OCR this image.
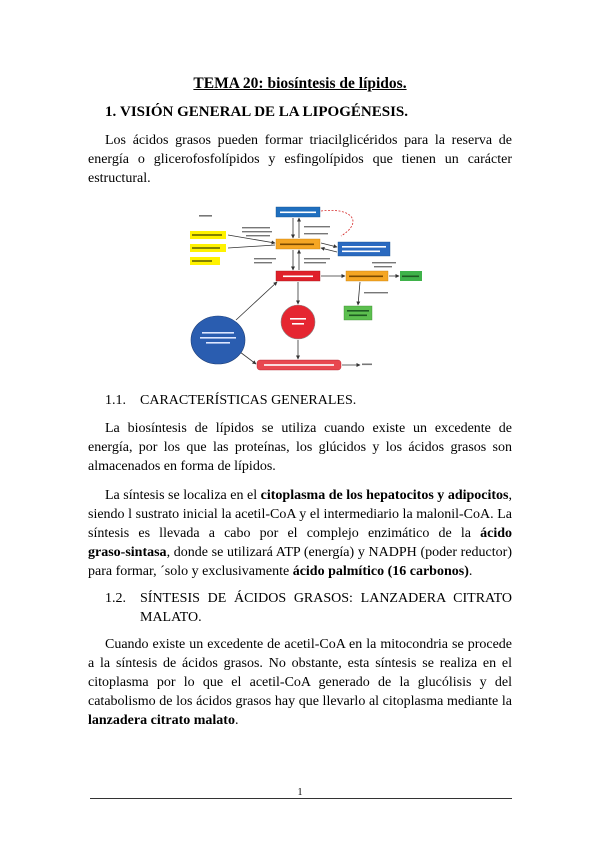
TEMA 20: biosíntesis de lípidos.
1. VISIÓN GENERAL DE LA LIPOGÉNESIS.
Los ácidos grasos pueden formar triacilglicéridos para la reserva de
energía o glicerofosfolípidos y esfingolípidos que tienen un carácter
estructural.
1.1. CARACTERÍSTICAS GENERALES.
La biosíntesis de lípidos se utiliza cuando existe un excedente de
energía, por los que las proteínas, los glúcidos y los ácidos grasos son
almacenados en forma de lípidos.
La síntesis se localiza en el citoplasma de los hepatocitos y adipocitos,
siendo l sustrato inicial la acetil-CoA y el intermediario la malonil-CoA. La
síntesis es llevada a cabo por el complejo enzimático de la ácido
graso-sintasa, donde se utilizará ATP (energía) y NADPH (poder reductor)
para formar, ´solo y exclusivamente ácido palmítico (16 carbonos).
1.2. SÍNTESIS DE ÁCIDOS GRASOS: LANZADERA CITRATO
MALATO.
Cuando existe un excedente de acetil-CoA en la mitocondria se procede
a la síntesis de ácidos grasos. No obstante, esta síntesis se realiza en el
citoplasma por lo que el acetil-CoA generado de la glucólisis y del
catabolismo de los ácidos grasos hay que llevarlo al citoplasma mediante la
lanzadera citrato malato.
1
